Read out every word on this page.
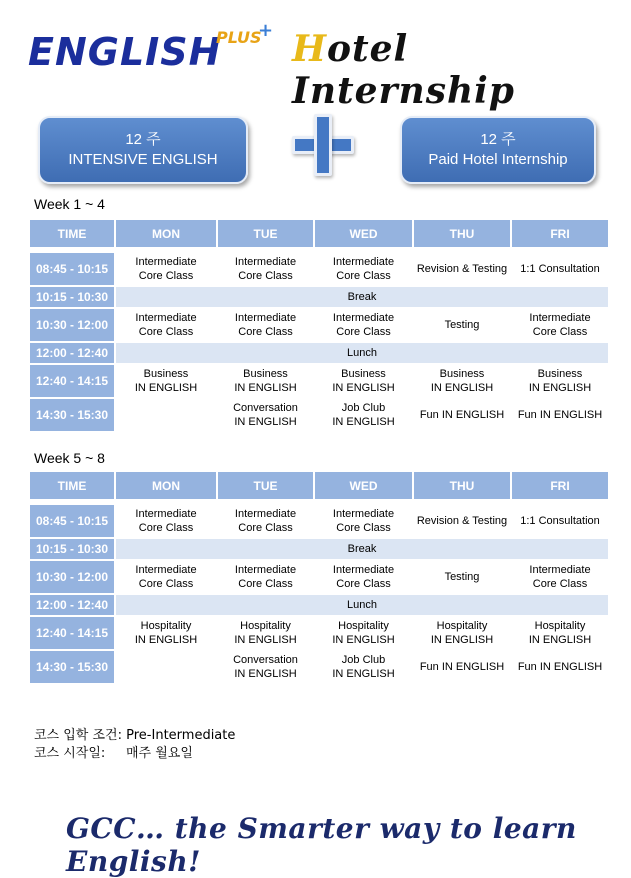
ENGLISH
PLUS
+ Hotel Internship
12 주
INTENSIVE ENGLISH
12 주
Paid Hotel Internship
Week 1 ~ 4
TIME	MON	TUE	WED	THU	FRI

08:45 - 10:15	Intermediate
Core Class	Intermediate
Core Class	Intermediate
Core Class	Revision & Testing	1:1 Consultation
10:15 - 10:30	Break				
10:30 - 12:00	Intermediate
Core Class	Intermediate
Core Class	Intermediate
Core Class	Testing	Intermediate
Core Class
12:00 - 12:40	Lunch				
12:40 - 14:15	Business
IN ENGLISH	Business
IN ENGLISH	Business
IN ENGLISH	Business
IN ENGLISH	Business
IN ENGLISH
14:30 - 15:30		Conversation
IN ENGLISH	Job Club
IN ENGLISH	Fun IN ENGLISH	Fun IN ENGLISH
Week 5 ~ 8
TIME	MON	TUE	WED	THU	FRI

08:45 - 10:15	Intermediate
Core Class	Intermediate
Core Class	Intermediate
Core Class	Revision & Testing	1:1 Consultation
10:15 - 10:30	Break				
10:30 - 12:00	Intermediate
Core Class	Intermediate
Core Class	Intermediate
Core Class	Testing	Intermediate
Core Class
12:00 - 12:40	Lunch				
12:40 - 14:15	Hospitality
IN ENGLISH	Hospitality
IN ENGLISH	Hospitality
IN ENGLISH	Hospitality
IN ENGLISH	Hospitality
IN ENGLISH
14:30 - 15:30		Conversation
IN ENGLISH	Job Club
IN ENGLISH	Fun IN ENGLISH	Fun IN ENGLISH
코스 입학 조건: Pre-Intermediate
코스 시작일: 매주 월요일
GCC… the Smarter way to learn English!
